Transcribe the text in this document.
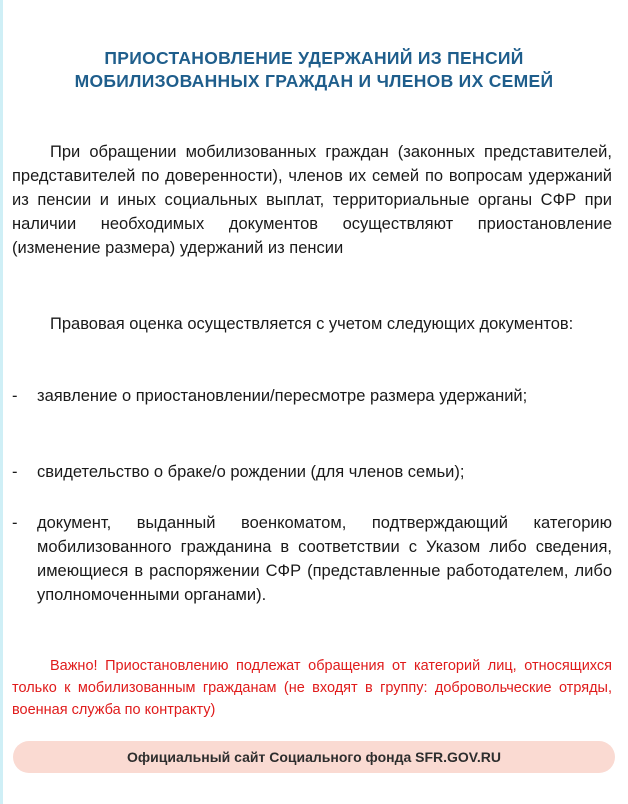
ПРИОСТАНОВЛЕНИЕ УДЕРЖАНИЙ ИЗ ПЕНСИЙ
МОБИЛИЗОВАННЫХ ГРАЖДАН И ЧЛЕНОВ ИХ СЕМЕЙ
При обращении мобилизованных граждан (законных представителей, представителей по доверенности), членов их семей по вопросам удержаний из пенсии и иных социальных выплат, территориальные органы СФР при наличии необходимых документов осуществляют приостановление (изменение размера) удержаний из пенсии
Правовая оценка осуществляется с учетом следующих документов:
- заявление о приостановлении/пересмотре размера удержаний;
- свидетельство о браке/о рождении (для членов семьи);
- документ, выданный военкоматом, подтверждающий категорию мобилизованного гражданина в соответствии с Указом либо сведения, имеющиеся в распоряжении СФР (представленные работодателем, либо уполномоченными органами).
Важно! Приостановлению подлежат обращения от категорий лиц, относящихся только к мобилизованным гражданам (не входят в группу: добровольческие отряды, военная служба по контракту)
Официальный сайт Социального фонда SFR.GOV.RU
